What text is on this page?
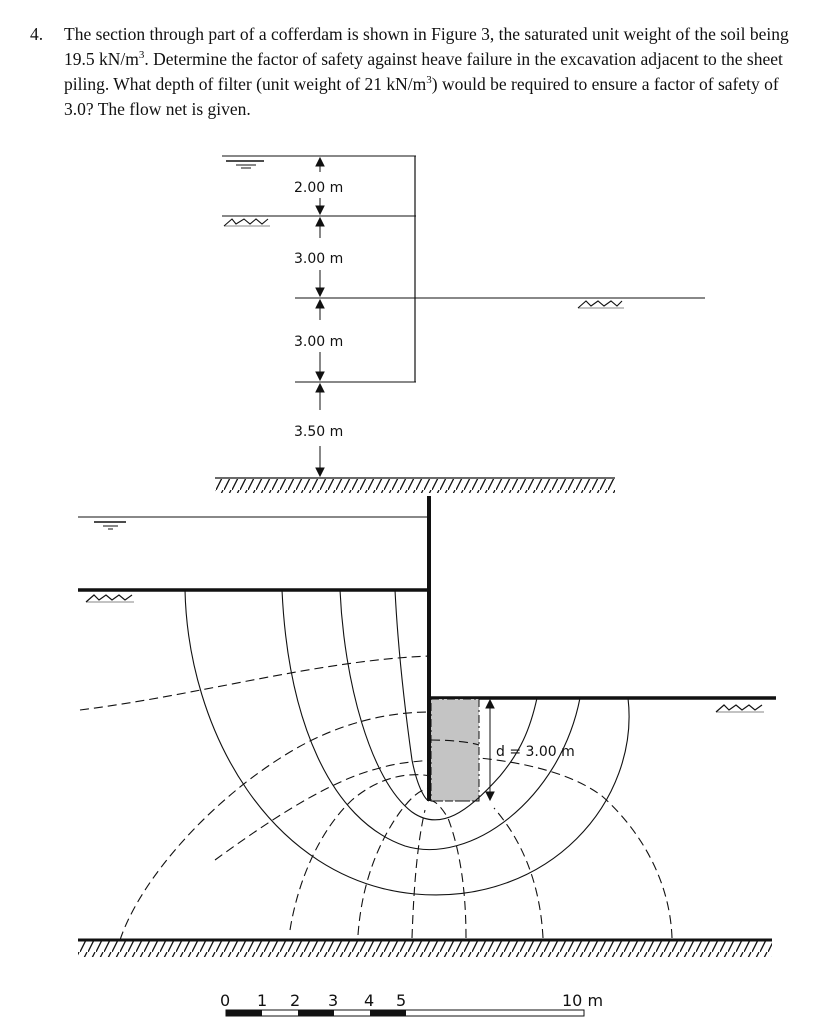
4. The section through part of a cofferdam is shown in Figure 3, the saturated unit weight of the soil being 19.5 $kN/m^3$. Determine the factor of safety against heave failure in the excavation adjacent to the sheet piling. What depth of filter (unit weight of 21 $kN/m^3$) would be required to ensure a factor of safety of 3.0? The flow net is given.
2.00 m
3.00 m
3.00 m
3.50 m
d = 3.00 m
0 1 2 3 4 5	10 m
